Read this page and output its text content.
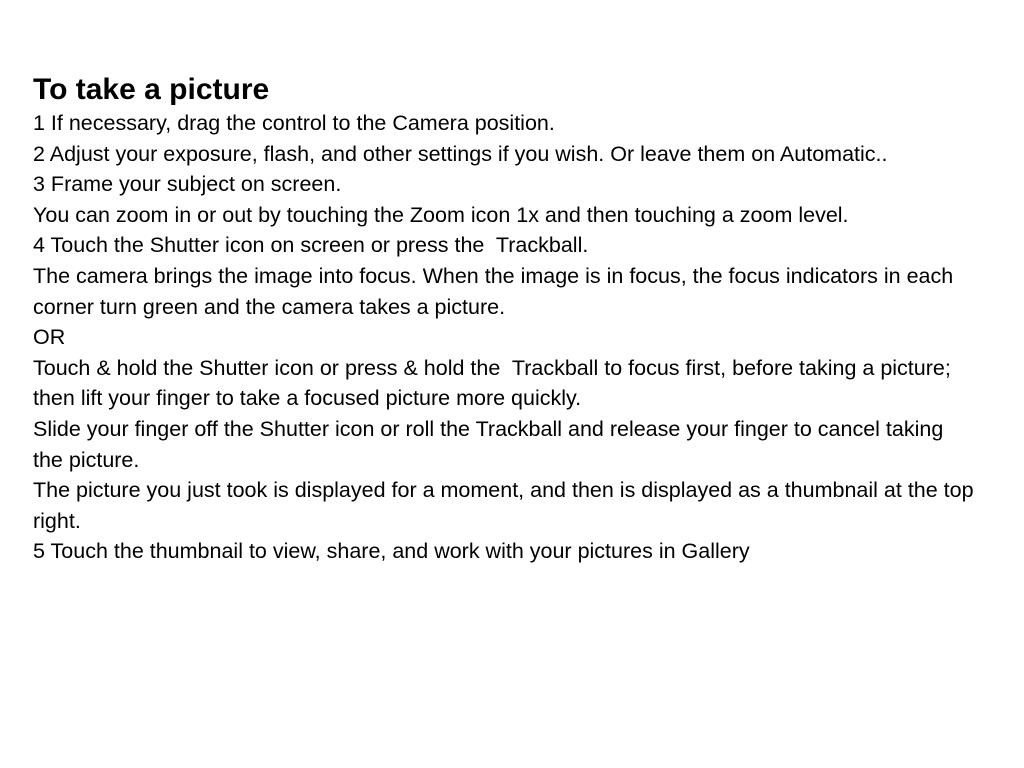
To take a picture
1 If necessary, drag the control to the Camera position.
2 Adjust your exposure, flash, and other settings if you wish. Or leave them on Automatic..
3 Frame your subject on screen.
You can zoom in or out by touching the Zoom icon 1x and then touching a zoom level.
4 Touch the Shutter icon on screen or press the  Trackball.
The camera brings the image into focus. When the image is in focus, the focus indicators in each corner turn green and the camera takes a picture.
OR
Touch & hold the Shutter icon or press & hold the  Trackball to focus first, before taking a picture; then lift your finger to take a focused picture more quickly.
Slide your finger off the Shutter icon or roll the Trackball and release your finger to cancel taking the picture.
The picture you just took is displayed for a moment, and then is displayed as a thumbnail at the top right.
5 Touch the thumbnail to view, share, and work with your pictures in Gallery
